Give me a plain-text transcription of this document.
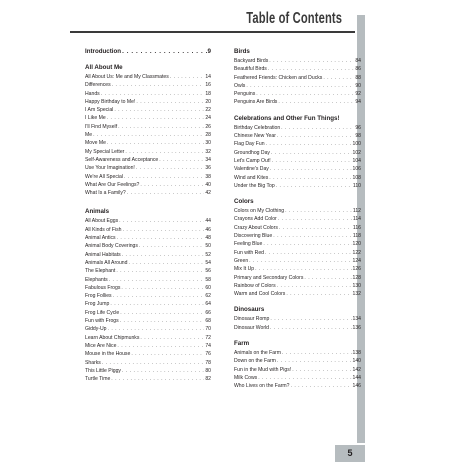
Table of Contents
5
Introduction . . .	9
All About Me
All About Us: Me and My Classmates . . .	14
Differences . . .	16
Hands . . .	18
Happy Birthday to Me! . . .	20
I Am Special . . .	22
I Like Me . . .	24
I'll Find Myself . . .	26
Me . . .	28
Move Me . . .	30
My Special Letter . . .	32
Self-Awareness and Acceptance . . .	34
Use Your Imagination! . . .	36
We're All Special . . .	38
What Are Our Feelings? . . .	40
What Is a Family? . . .	42
Animals
All About Eggs . . .	44
All Kinds of Fish . . .	46
Animal Antics . . .	48
Animal Body Coverings . . .	50
Animal Habitats . . .	52
Animals All Around . . .	54
The Elephant . . .	56
Elephants . . .	58
Fabulous Frogs . . .	60
Frog Follies . . .	62
Frog Jump . . .	64
Frog Life Cycle . . .	66
Fun with Frogs . . .	68
Giddy-Up . . .	70
Learn About Chipmunks . . .	72
Mice Are Nice . . .	74
Mouse in the House . . .	76
Sharks . . .	78
This Little Piggy . . .	80
Turtle Time . . .	82
Birds
Backyard Birds . . .	84
Beautiful Birds . . .	86
Feathered Friends: Chicken and Ducks . . .	88
Owls . . .	90
Penguins . . .	92
Penguins Are Birds . . .	94
Celebrations and Other Fun Things!
Birthday Celebration . . .	96
Chinese New Year . . .	98
Flag Day Fun . . .	100
Groundhog Day . . .	102
Let's Camp Out! . . .	104
Valentine's Day . . .	106
Wind and Kites . . .	108
Under the Big Top . . .	110
Colors
Colors on My Clothing . . .	112
Crayons Add Color . . .	114
Crazy About Colors . . .	116
Discovering Blue . . .	118
Feeling Blue . . .	120
Fun with Red . . .	122
Green . . .	124
Mix It Up . . .	126
Primary and Secondary Colors . . .	128
Rainbow of Colors . . .	130
Warm and Cool Colors . . .	132
Dinosaurs
Dinosaur Romp . . .	134
Dinosaur World . . .	136
Farm
Animals on the Farm . . .	138
Down on the Farm . . .	140
Fun in the Mud with Pigs! . . .	142
Milk Cows . . .	144
Who Lives on the Farm? . . .	146
